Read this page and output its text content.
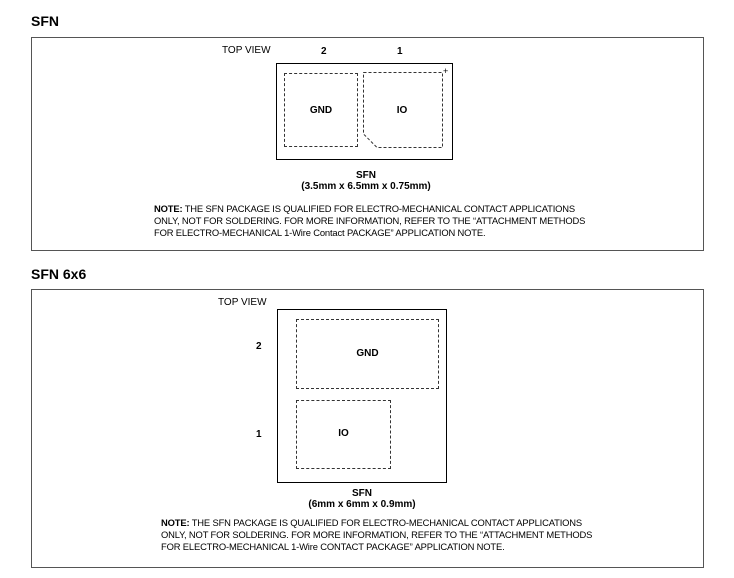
SFN
TOP VIEW	2	1
+
GND	IO
SFN
(3.5mm x 6.5mm x 0.75mm)
NOTE: THE SFN PACKAGE IS QUALIFIED FOR ELECTRO-MECHANICAL CONTACT APPLICATIONS
ONLY, NOT FOR SOLDERING. FOR MORE INFORMATION, REFER TO THE “ATTACHMENT METHODS
FOR ELECTRO-MECHANICAL 1-Wire Contact PACKAGE” APPLICATION NOTE.
SFN 6x6
TOP VIEW
2
1
GND
IO
SFN
(6mm x 6mm x 0.9mm)
NOTE: THE SFN PACKAGE IS QUALIFIED FOR ELECTRO-MECHANICAL CONTACT APPLICATIONS
ONLY, NOT FOR SOLDERING. FOR MORE INFORMATION, REFER TO THE “ATTACHMENT METHODS
FOR ELECTRO-MECHANICAL 1-Wire CONTACT PACKAGE” APPLICATION NOTE.
